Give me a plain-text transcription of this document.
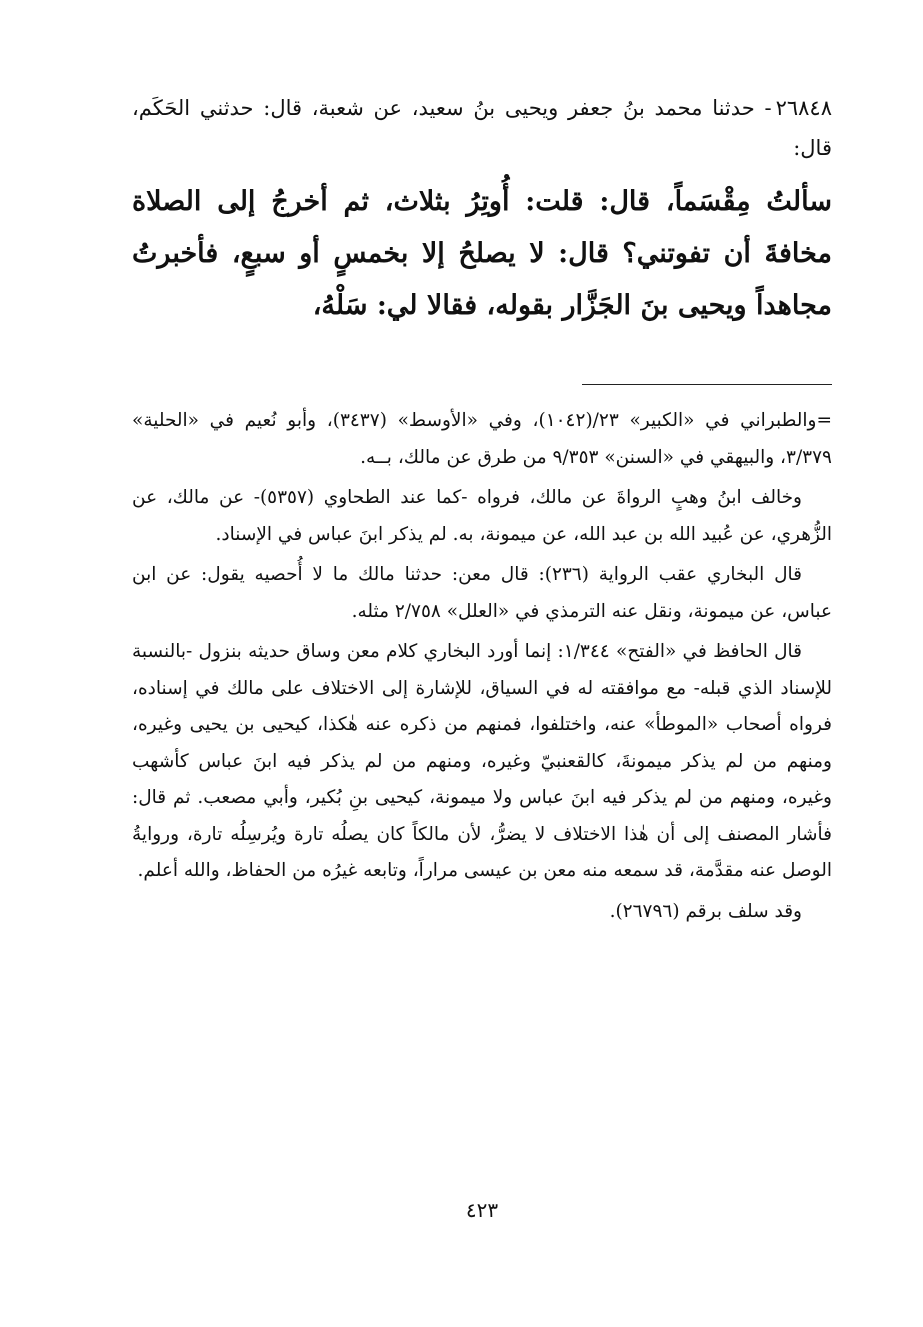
٢٦٨٤٨- حدثنا محمد بنُ جعفر ويحيى بنُ سعيد، عن شعبة، قال: حدثني الحَكَم، قال:

سألتُ مِقْسَماً، قال: قلت: أُوتِرُ بثلاث، ثم أخرجُ إلى الصلاة مخافةَ أن تفوتني؟ قال: لا يصلحُ إلا بخمسٍ أو سبعٍ، فأخبرتُ مجاهداً ويحيى بنَ الجَزَّار بقوله، فقالا لي: سَلْهُ،

=والطبراني في «الكبير» ٢٣/(١٠٤٢)، وفي «الأوسط» (٣٤٣٧)، وأبو نُعيم في «الحلية» ٣/٣٧٩، والبيهقي في «السنن» ٩/٣٥٣ من طرق عن مالك، بــه.

وخالف ابنُ وهبٍ الرواةَ عن مالك، فرواه -كما عند الطحاوي (٥٣٥٧)- عن مالك، عن الزُّهري، عن عُبيد الله بن عبد الله، عن ميمونة، به. لم يذكر ابنَ عباس في الإسناد.

قال البخاري عقب الرواية (٢٣٦): قال معن: حدثنا مالك ما لا أُحصيه يقول: عن ابن عباس، عن ميمونة، ونقل عنه الترمذي في «العلل» ٢/٧٥٨ مثله.

قال الحافظ في «الفتح» ١/٣٤٤: إنما أورد البخاري كلام معن وساق حديثه بنزول -بالنسبة للإسناد الذي قبله- مع موافقته له في السياق، للإشارة إلى الاختلاف على مالك في إسناده، فرواه أصحاب «الموطأ» عنه، واختلفوا، فمنهم من ذكره عنه هٰكذا، كيحيى بن يحيى وغيره، ومنهم من لم يذكر ميمونةَ، كالقعنبيّ وغيره، ومنهم من لم يذكر فيه ابنَ عباس كأشهب وغيره، ومنهم من لم يذكر فيه ابنَ عباس ولا ميمونة، كيحيى بنِ بُكير، وأبي مصعب. ثم قال: فأشار المصنف إلى أن هٰذا الاختلاف لا يضرُّ، لأن مالكاً كان يصلُه تارة ويُرسِلُه تارة، وروايةُ الوصل عنه مقدَّمة، قد سمعه منه معن بن عيسى مراراً، وتابعه غيرُه من الحفاظ، والله أعلم.

وقد سلف برقم (٢٦٧٩٦).

٤٢٣
